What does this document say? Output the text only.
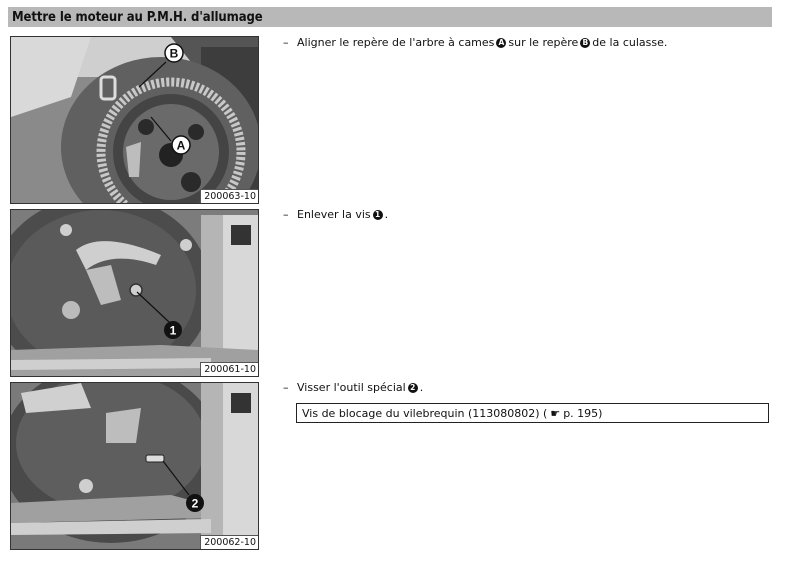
Mettre le moteur au P.M.H. d'allumage
B
A
200063-10
1
200061-10
2
200062-10
– Aligner le repère de l'arbre à cames A sur le repère B de la culasse.
– Enlever la vis 1 .
– Visser l'outil spécial 2 .
Vis de blocage du vilebrequin (113080802) ( ☛ p. 195)
